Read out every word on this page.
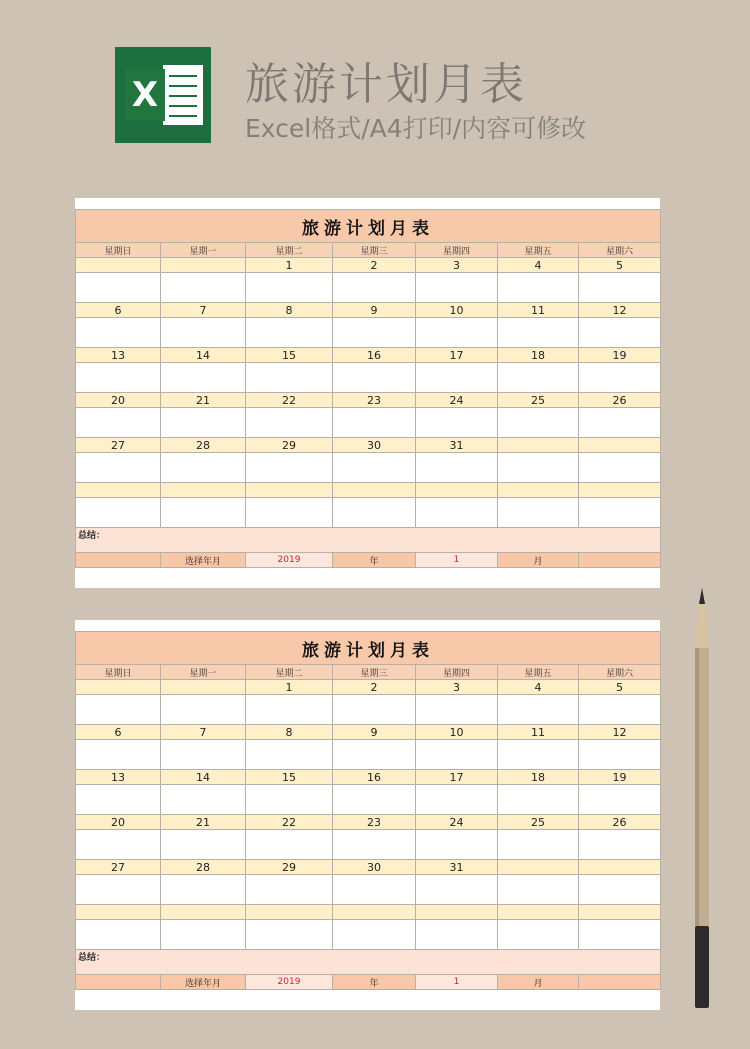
X 旅游计划月表
Excel格式/A4打印/内容可修改
旅游计划月表						
星期日	星期一	星期二	星期三	星期四	星期五	星期六
		1	2	3	4	5

6	7	8	9	10	11	12

13	14	15	16	17	18	19

20	21	22	23	24	25	26

27	28	29	30	31		

总结：						
	选择年月	2019	年	1	月	
旅游计划月表						
星期日	星期一	星期二	星期三	星期四	星期五	星期六
		1	2	3	4	5

6	7	8	9	10	11	12

13	14	15	16	17	18	19

20	21	22	23	24	25	26

27	28	29	30	31		

总结：						
	选择年月	2019	年	1	月	
